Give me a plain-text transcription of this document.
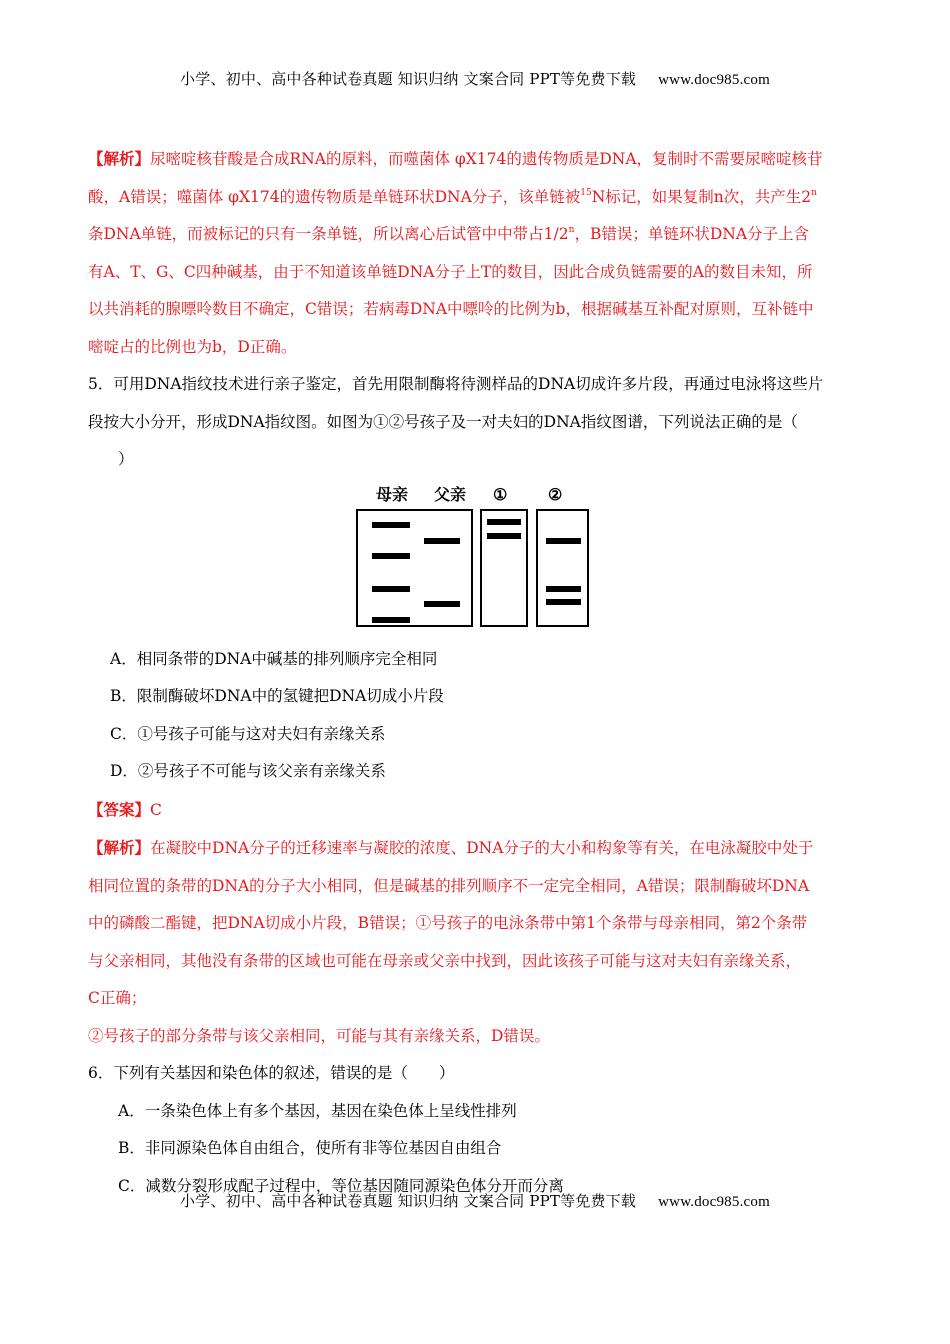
小学、初中、高中各种试卷真题 知识归纳 文案合同 PPT等免费下载 www.doc985.com

【解析】尿嘧啶核苷酸是合成RNA的原料，而噬菌体 φX174的遗传物质是DNA，复制时不需要尿嘧啶核苷

酸，A错误；噬菌体 φX174的遗传物质是单链环状DNA分子，该单链被$^{15}$N标记，如果复制n次，共产生2$^n$

条DNA单链，而被标记的只有一条单链，所以离心后试管中中带占1/2$^n$，B错误；单链环状DNA分子上含

有A、T、G、C四种碱基，由于不知道该单链DNA分子上T的数目，因此合成负链需要的A的数目未知，所

以共消耗的腺嘌呤数目不确定，C错误；若病毒DNA中嘌呤的比例为b，根据碱基互补配对原则，互补链中

嘧啶占的比例也为b，D正确。

5．可用DNA指纹技术进行亲子鉴定，首先用限制酶将待测样品的DNA切成许多片段，再通过电泳将这些片

段按大小分开，形成DNA指纹图。如图为①②号孩子及一对夫妇的DNA指纹图谱，下列说法正确的是（

）

母亲 父亲 ①	②

A．相同条带的DNA中碱基的排列顺序完全相同

B．限制酶破坏DNA中的氢键把DNA切成小片段

C．①号孩子可能与这对夫妇有亲缘关系

D．②号孩子不可能与该父亲有亲缘关系

【答案】C

【解析】在凝胶中DNA分子的迁移速率与凝胶的浓度、DNA分子的大小和构象等有关，在电泳凝胶中处于

相同位置的条带的DNA的分子大小相同，但是碱基的排列顺序不一定完全相同，A错误；限制酶破坏DNA

中的磷酸二酯键，把DNA切成小片段，B错误；①号孩子的电泳条带中第1个条带与母亲相同，第2个条带

与父亲相同，其他没有条带的区域也可能在母亲或父亲中找到，因此该孩子可能与这对夫妇有亲缘关系，

C正确；

②号孩子的部分条带与该父亲相同，可能与其有亲缘关系，D错误。

6．下列有关基因和染色体的叙述，错误的是（　　）

A．一条染色体上有多个基因，基因在染色体上呈线性排列

B．非同源染色体自由组合，使所有非等位基因自由组合

C．减数分裂形成配子过程中，等位基因随同源染色体分开而分离

小学、初中、高中各种试卷真题 知识归纳 文案合同 PPT等免费下载 www.doc985.com
